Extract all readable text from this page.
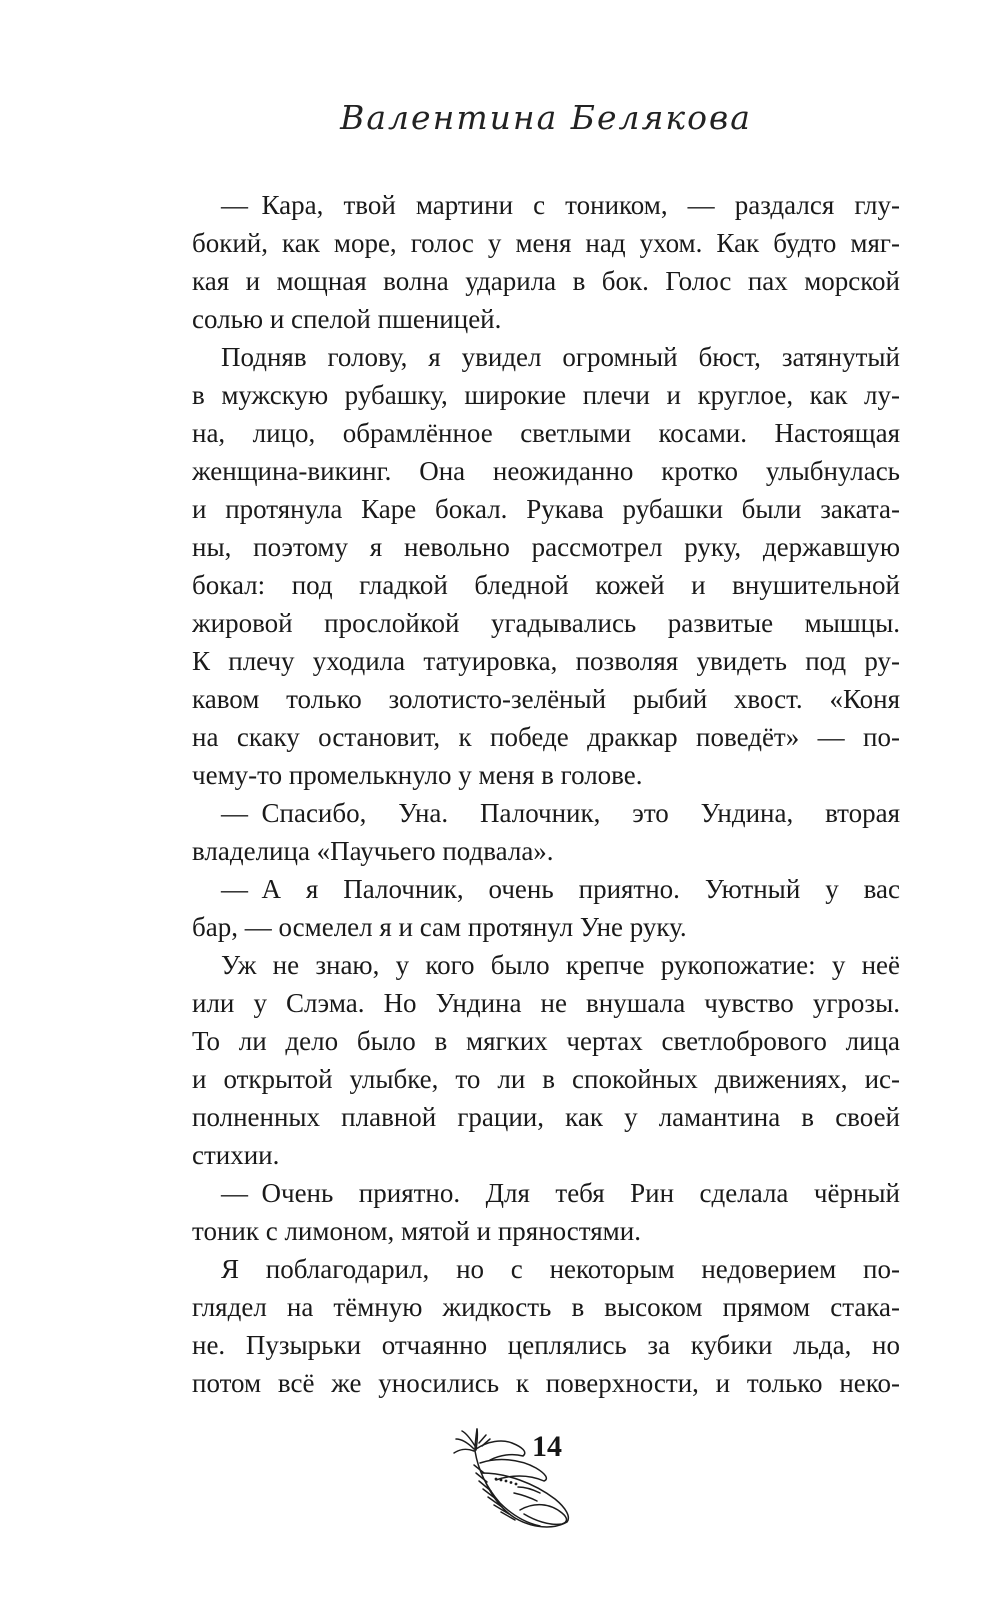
Валентина Белякова
— Кара, твой мартини с тоником, — раздался глу-
бокий, как море, голос у меня над ухом. Как будто мяг-
кая и мощная волна ударила в бок. Голос пах морской
солью и спелой пшеницей.
Подняв голову, я увидел огромный бюст, затянутый
в мужскую рубашку, широкие плечи и круглое, как лу-
на, лицо, обрамлённое светлыми косами. Настоящая
женщина-викинг. Она неожиданно кротко улыбнулась
и протянула Каре бокал. Рукава рубашки были заката-
ны, поэтому я невольно рассмотрел руку, державшую
бокал: под гладкой бледной кожей и внушительной
жировой прослойкой угадывались развитые мышцы.
К плечу уходила татуировка, позволяя увидеть под ру-
кавом только золотисто-зелёный рыбий хвост. «Коня
на скаку остановит, к победе драккар поведёт» — по-
чему-то промелькнуло у меня в голове.
— Спасибо, Уна. Палочник, это Ундина, вторая
владелица «Паучьего подвала».
— А я Палочник, очень приятно. Уютный у вас
бар, — осмелел я и сам протянул Уне руку.
Уж не знаю, у кого было крепче рукопожатие: у неё
или у Слэма. Но Ундина не внушала чувство угрозы.
То ли дело было в мягких чертах светлобрового лица
и открытой улыбке, то ли в спокойных движениях, ис-
полненных плавной грации, как у ламантина в своей
стихии.
— Очень приятно. Для тебя Рин сделала чёрный
тоник с лимоном, мятой и пряностями.
Я поблагодарил, но с некоторым недоверием по-
глядел на тёмную жидкость в высоком прямом стака-
не. Пузырьки отчаянно цеплялись за кубики льда, но
потом всё же уносились к поверхности, и только неко-
14
